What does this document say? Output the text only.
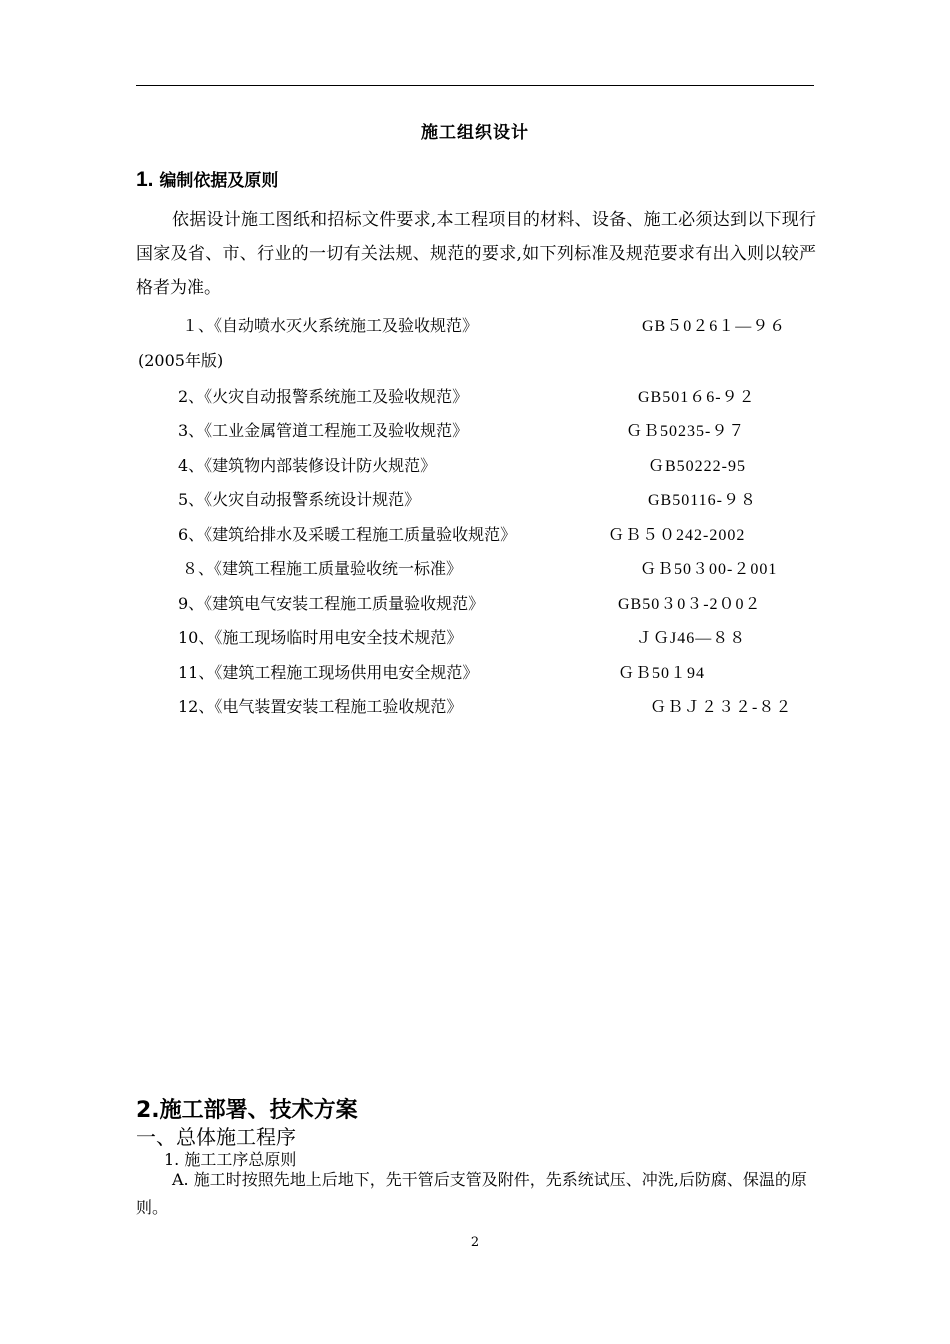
施工组织设计
1. 编制依据及原则
依据设计施工图纸和招标文件要求,本工程项目的材料、设备、施工必须达到以下现行国家及省、市、行业的一切有关法规、规范的要求,如下列标准及规范要求有出入则以较严格者为准。
１、《自动喷水灭火系统施工及验收规范》	GB５0２6１—９６
(2005年版)
2、《火灾自动报警系统施工及验收规范》	GB501６6-９２
3、《工业金属管道工程施工及验收规范》	ＧＢ50235-９７
4、《建筑物内部装修设计防火规范》	ＧB50222-95
5、《火灾自动报警系统设计规范》	GB50116-９８
6、《建筑给排水及采暖工程施工质量验收规范》	ＧＢ５０242-2002
８、《建筑工程施工质量验收统一标准》	ＧＢ50３00-２001
9、《建筑电气安装工程施工质量验收规范》	GB50３0３-2０0２
10、《施工现场临时用电安全技术规范》	ＪＧJ46—８８
11、《建筑工程施工现场供用电安全规范》	ＧＢ50１94
12、《电气装置安装工程施工验收规范》	ＧＢＪ２３２-８２
2.施工部署、技术方案
一、总体施工程序
1. 施工工序总原则
A. 施工时按照先地上后地下，先干管后支管及附件，先系统试压、冲洗,后防腐、保温的原则。
2
